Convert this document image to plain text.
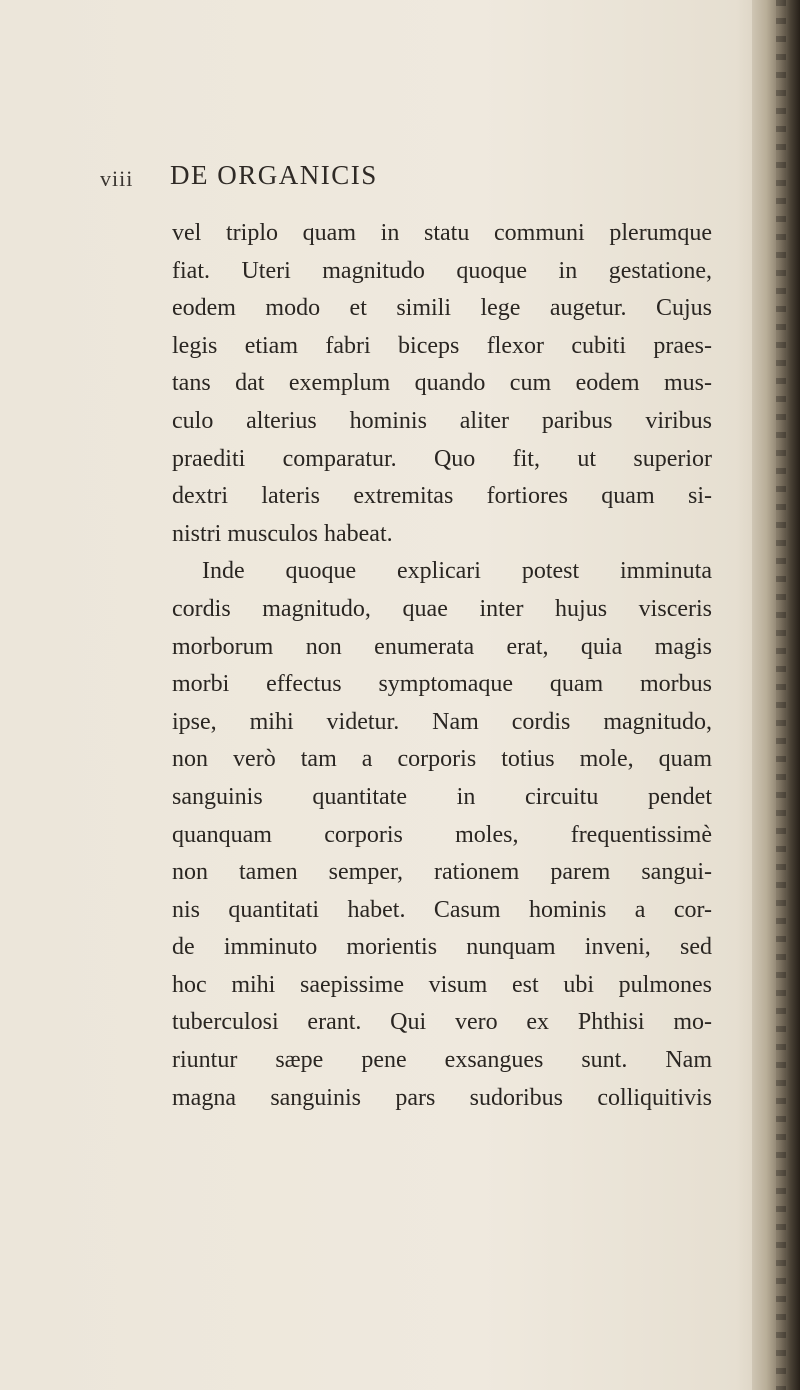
viii DE ORGANICIS
vel triplo quam in statu communi plerumque
fiat. Uteri magnitudo quoque in gestatione,
eodem modo et simili lege augetur. Cujus
legis etiam fabri biceps flexor cubiti praes-
tans dat exemplum quando cum eodem mus-
culo alterius hominis aliter paribus viribus
praediti comparatur. Quo fit, ut superior
dextri lateris extremitas fortiores quam si-
nistri musculos habeat.
Inde quoque explicari potest imminuta
cordis magnitudo, quae inter hujus visceris
morborum non enumerata erat, quia magis
morbi effectus symptomaque quam morbus
ipse, mihi videtur. Nam cordis magnitudo,
non verò tam a corporis totius mole, quam
sanguinis quantitate in circuitu pendet
quanquam corporis moles, frequentissimè
non tamen semper, rationem parem sangui-
nis quantitati habet. Casum hominis a cor-
de imminuto morientis nunquam inveni, sed
hoc mihi saepissime visum est ubi pulmones
tuberculosi erant. Qui vero ex Phthisi mo-
riuntur sæpe pene exsangues sunt. Nam
magna sanguinis pars sudoribus colliquitivis
